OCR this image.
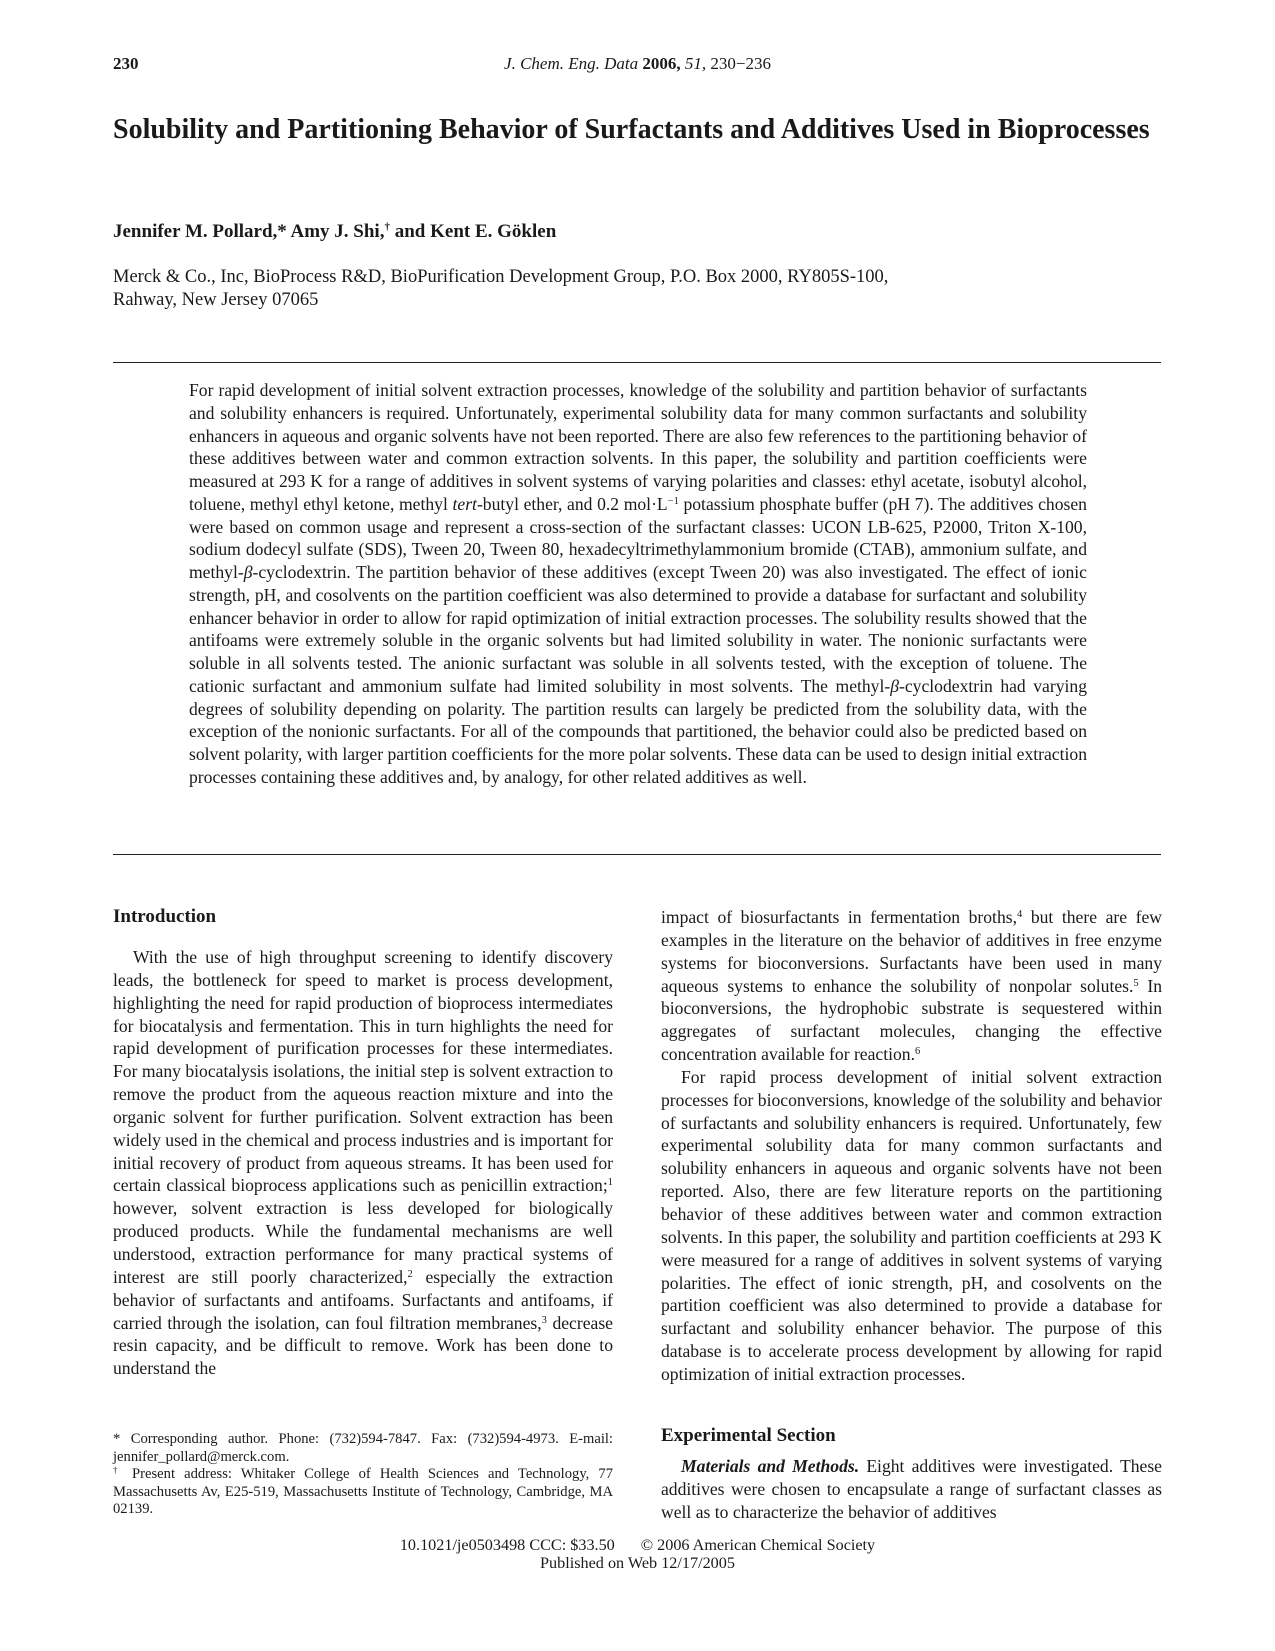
230	J. Chem. Eng. Data 2006, 51, 230−236
Solubility and Partitioning Behavior of Surfactants and Additives Used in Bioprocesses
Jennifer M. Pollard,* Amy J. Shi,† and Kent E. Göklen
Merck & Co., Inc, BioProcess R&D, BioPurification Development Group, P.O. Box 2000, RY805S-100,
Rahway, New Jersey 07065
For rapid development of initial solvent extraction processes, knowledge of the solubility and partition behavior of surfactants and solubility enhancers is required. Unfortunately, experimental solubility data for many common surfactants and solubility enhancers in aqueous and organic solvents have not been reported. There are also few references to the partitioning behavior of these additives between water and common extraction solvents. In this paper, the solubility and partition coefficients were measured at 293 K for a range of additives in solvent systems of varying polarities and classes: ethyl acetate, isobutyl alcohol, toluene, methyl ethyl ketone, methyl tert-butyl ether, and 0.2 $mol\cdot L^{-1}$ potassium phosphate buffer (pH 7). The additives chosen were based on common usage and represent a cross-section of the surfactant classes: UCON LB-625, P2000, Triton X-100, sodium dodecyl sulfate (SDS), Tween 20, Tween 80, hexadecyltrimethylammonium bromide (CTAB), ammonium sulfate, and methyl-β-cyclodextrin. The partition behavior of these additives (except Tween 20) was also investigated. The effect of ionic strength, pH, and cosolvents on the partition coefficient was also determined to provide a database for surfactant and solubility enhancer behavior in order to allow for rapid optimization of initial extraction processes. The solubility results showed that the antifoams were extremely soluble in the organic solvents but had limited solubility in water. The nonionic surfactants were soluble in all solvents tested. The anionic surfactant was soluble in all solvents tested, with the exception of toluene. The cationic surfactant and ammonium sulfate had limited solubility in most solvents. The methyl-β-cyclodextrin had varying degrees of solubility depending on polarity. The partition results can largely be predicted from the solubility data, with the exception of the nonionic surfactants. For all of the compounds that partitioned, the behavior could also be predicted based on solvent polarity, with larger partition coefficients for the more polar solvents. These data can be used to design initial extraction processes containing these additives and, by analogy, for other related additives as well.
Introduction

With the use of high throughput screening to identify discovery leads, the bottleneck for speed to market is process development, highlighting the need for rapid production of bioprocess intermediates for biocatalysis and fermentation. This in turn highlights the need for rapid development of purification processes for these intermediates. For many biocatalysis isolations, the initial step is solvent extraction to remove the product from the aqueous reaction mixture and into the organic solvent for further purification. Solvent extraction has been widely used in the chemical and process industries and is important for initial recovery of product from aqueous streams. It has been used for certain classical bioprocess applications such as penicillin extraction;$^1$ however, solvent extraction is less developed for biologically produced products. While the fundamental mechanisms are well understood, extraction performance for many practical systems of interest are still poorly characterized,$^2$ especially the extraction behavior of surfactants and antifoams. Surfactants and antifoams, if carried through the isolation, can foul filtration membranes,$^3$ decrease resin capacity, and be difficult to remove. Work has been done to understand the

* Corresponding author. Phone: (732)594-7847. Fax: (732)594-4973. E-mail: jennifer_pollard@merck.com.

† Present address: Whitaker College of Health Sciences and Technology, 77 Massachusetts Av, E25-519, Massachusetts Institute of Technology, Cambridge, MA 02139.

impact of biosurfactants in fermentation broths,$^4$ but there are few examples in the literature on the behavior of additives in free enzyme systems for bioconversions. Surfactants have been used in many aqueous systems to enhance the solubility of nonpolar solutes.$^5$ In bioconversions, the hydrophobic substrate is sequestered within aggregates of surfactant molecules, changing the effective concentration available for reaction.$^6$

For rapid process development of initial solvent extraction processes for bioconversions, knowledge of the solubility and behavior of surfactants and solubility enhancers is required. Unfortunately, few experimental solubility data for many common surfactants and solubility enhancers in aqueous and organic solvents have not been reported. Also, there are few literature reports on the partitioning behavior of these additives between water and common extraction solvents. In this paper, the solubility and partition coefficients at 293 K were measured for a range of additives in solvent systems of varying polarities. The effect of ionic strength, pH, and cosolvents on the partition coefficient was also determined to provide a database for surfactant and solubility enhancer behavior. The purpose of this database is to accelerate process development by allowing for rapid optimization of initial extraction processes.

Experimental Section

Materials and Methods. Eight additives were investigated. These additives were chosen to encapsulate a range of surfactant classes as well as to characterize the behavior of additives

10.1021/je0503498 CCC: $33.50 © 2006 American Chemical Society
Published on Web 12/17/2005
